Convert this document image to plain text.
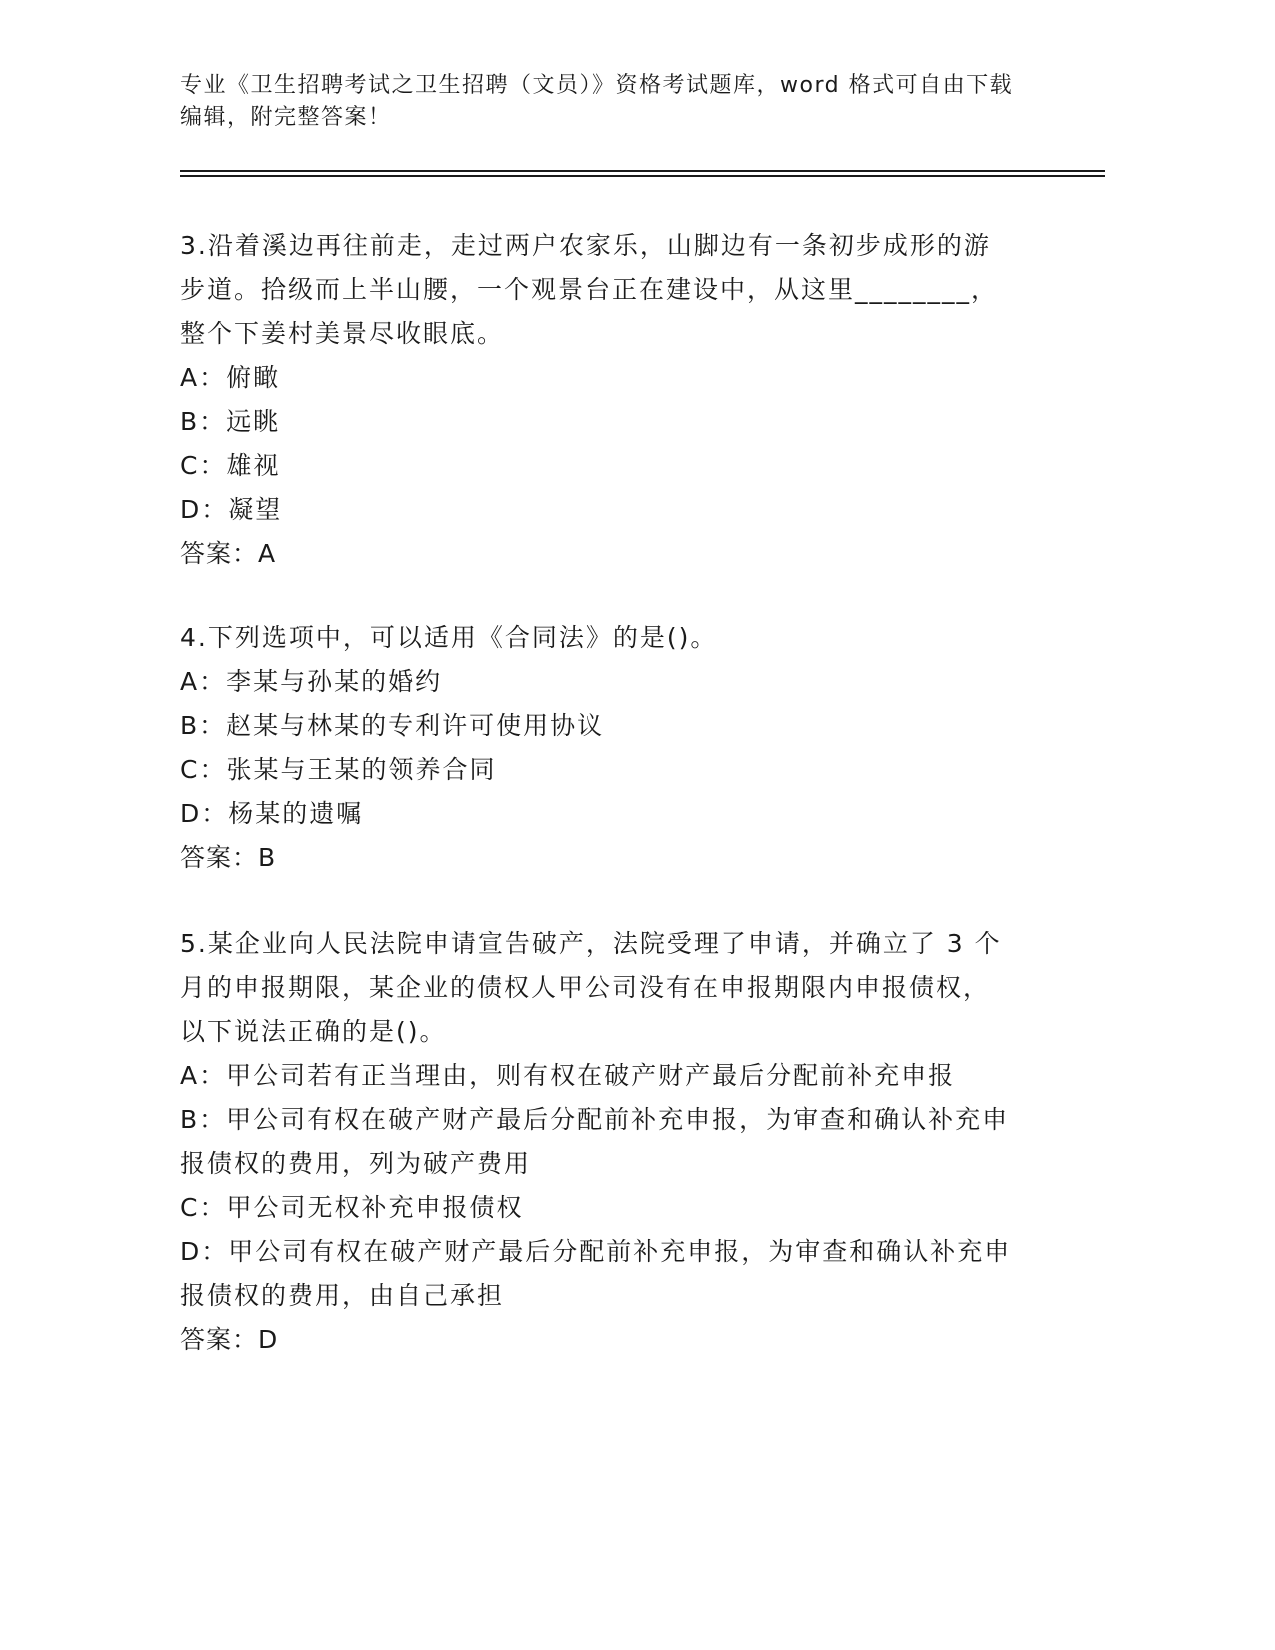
专业《卫生招聘考试之卫生招聘（文员）》资格考试题库，word 格式可自由下载
编辑，附完整答案！
3.沿着溪边再往前走，走过两户农家乐，山脚边有一条初步成形的游
步道。拾级而上半山腰，一个观景台正在建设中，从这里________，
整个下姜村美景尽收眼底。
A：俯瞰
B：远眺
C：雄视
D：凝望
答案：A
4.下列选项中，可以适用《合同法》的是()。
A：李某与孙某的婚约
B：赵某与林某的专利许可使用协议
C：张某与王某的领养合同
D：杨某的遗嘱
答案：B
5.某企业向人民法院申请宣告破产，法院受理了申请，并确立了 3 个
月的申报期限，某企业的债权人甲公司没有在申报期限内申报债权，
以下说法正确的是()。
A：甲公司若有正当理由，则有权在破产财产最后分配前补充申报
B：甲公司有权在破产财产最后分配前补充申报，为审查和确认补充申
报债权的费用，列为破产费用
C：甲公司无权补充申报债权
D：甲公司有权在破产财产最后分配前补充申报，为审查和确认补充申
报债权的费用，由自己承担
答案：D
